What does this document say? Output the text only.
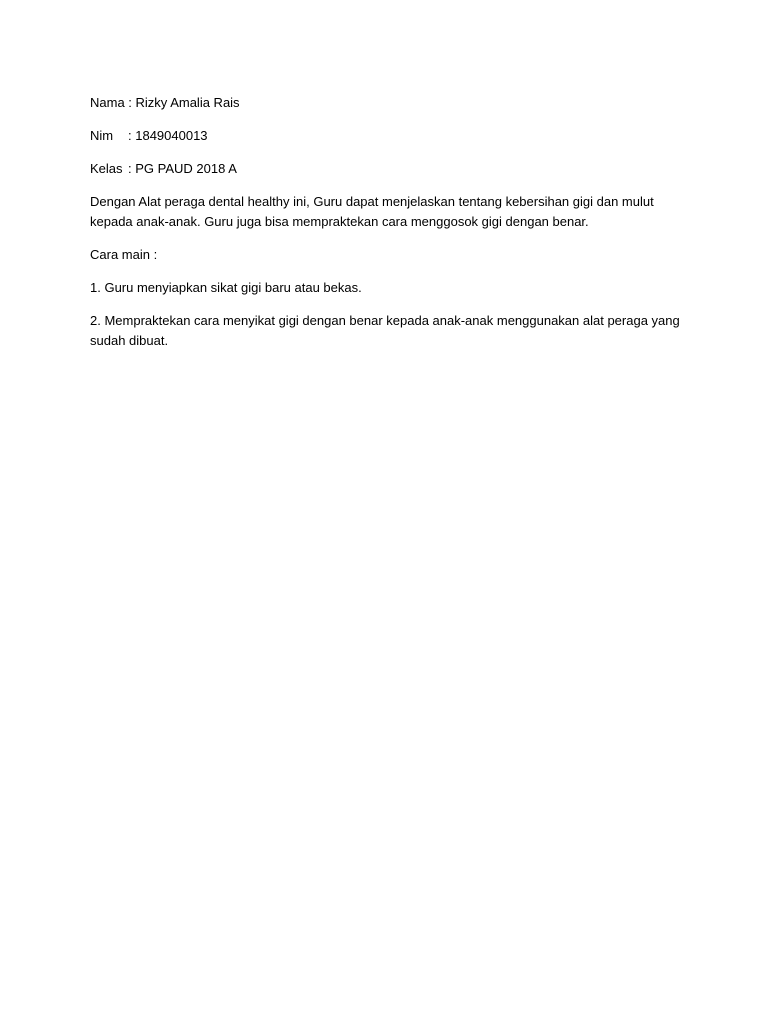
Nama : Rizky Amalia Rais
Nim	: 1849040013
Kelas : PG PAUD 2018 A

Dengan Alat peraga dental healthy ini, Guru dapat menjelaskan tentang kebersihan gigi dan mulut kepada anak-anak. Guru juga bisa mempraktekan cara menggosok gigi dengan benar.

Cara main :

1. Guru menyiapkan sikat gigi baru atau bekas.

2. Mempraktekan cara menyikat gigi dengan benar kepada anak-anak menggunakan alat peraga yang sudah dibuat.
